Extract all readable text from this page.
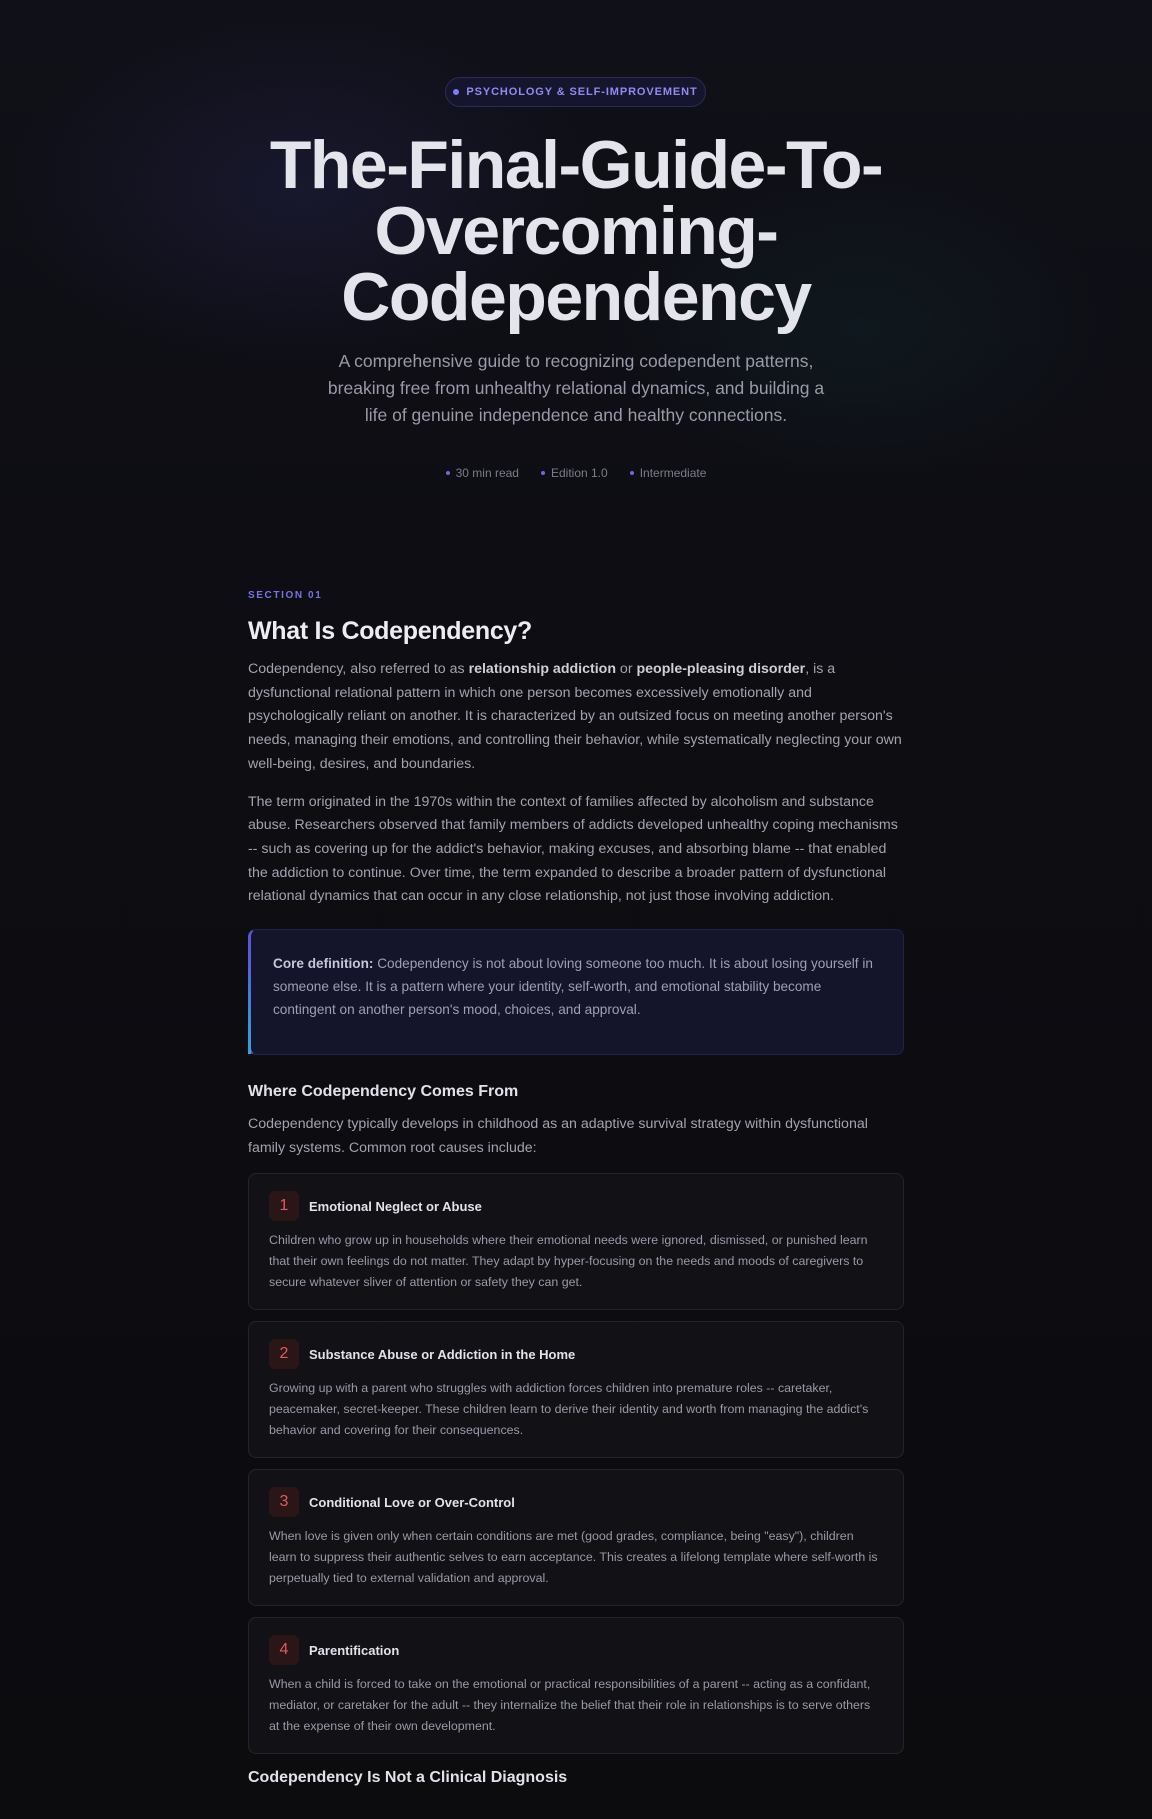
PSYCHOLOGY & SELF-IMPROVEMENT
The-Final-Guide-To-
Overcoming-
Codependency

A comprehensive guide to recognizing codependent patterns, breaking free from unhealthy relational dynamics, and building a life of genuine independence and healthy connections.

30 min read	Edition 1.0	Intermediate
SECTION 01
What Is Codependency?

Codependency, also referred to as relationship addiction or people-pleasing disorder, is a dysfunctional relational pattern in which one person becomes excessively emotionally and psychologically reliant on another. It is characterized by an outsized focus on meeting another person's needs, managing their emotions, and controlling their behavior, while systematically neglecting your own well-being, desires, and boundaries.

The term originated in the 1970s within the context of families affected by alcoholism and substance abuse. Researchers observed that family members of addicts developed unhealthy coping mechanisms -- such as covering up for the addict's behavior, making excuses, and absorbing blame -- that enabled the addiction to continue. Over time, the term expanded to describe a broader pattern of dysfunctional relational dynamics that can occur in any close relationship, not just those involving addiction.

Core definition: Codependency is not about loving someone too much. It is about losing yourself in someone else. It is a pattern where your identity, self-worth, and emotional stability become contingent on another person's mood, choices, and approval.

Where Codependency Comes From

Codependency typically develops in childhood as an adaptive survival strategy within dysfunctional family systems. Common root causes include:

1	Emotional Neglect or Abuse

Children who grow up in households where their emotional needs were ignored, dismissed, or punished learn that their own feelings do not matter. They adapt by hyper-focusing on the needs and moods of caregivers to secure whatever sliver of attention or safety they can get.

2	Substance Abuse or Addiction in the Home

Growing up with a parent who struggles with addiction forces children into premature roles -- caretaker, peacemaker, secret-keeper. These children learn to derive their identity and worth from managing the addict's behavior and covering for their consequences.

3	Conditional Love or Over-Control

When love is given only when certain conditions are met (good grades, compliance, being "easy"), children learn to suppress their authentic selves to earn acceptance. This creates a lifelong template where self-worth is perpetually tied to external validation and approval.

4	Parentification

When a child is forced to take on the emotional or practical responsibilities of a parent -- acting as a confidant, mediator, or caretaker for the adult -- they internalize the belief that their role in relationships is to serve others at the expense of their own development.

Codependency Is Not a Clinical Diagnosis
